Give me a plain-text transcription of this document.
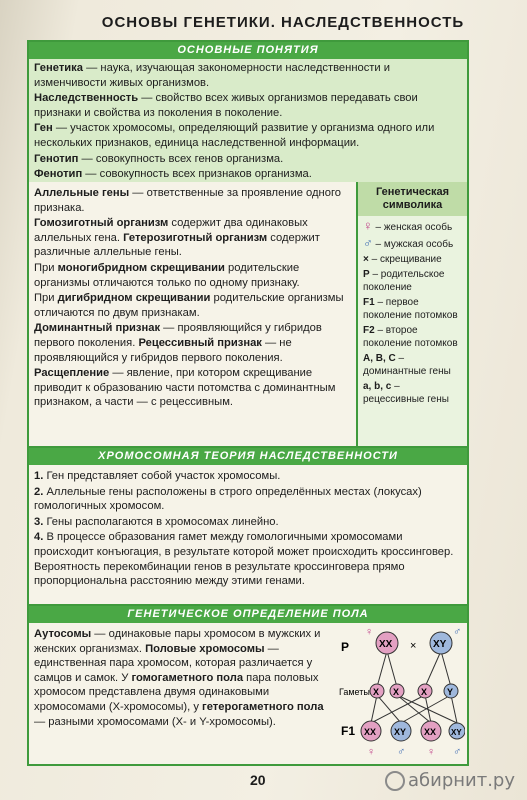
ОСНОВЫ ГЕНЕТИКИ. НАСЛЕДСТВЕННОСТЬ
ОСНОВНЫЕ ПОНЯТИЯ

Генетика — наука, изучающая закономерности наследственности и изменчивости живых организмов.

Наследственность — свойство всех живых организмов передавать свои признаки и свойства из поколения в поколение.

Ген — участок хромосомы, определяющий развитие у организма одного или нескольких признаков, единица наследственной информации.

Генотип — совокупность всех генов организма.

Фенотип — совокупность всех признаков организма.

Аллельные гены — ответственные за проявление одного признака.

Гомозиготный организм содержит два одинаковых аллельных гена. Гетерозиготный организм содержит различные аллельные гены.

При моногибридном скрещивании родительские организмы отличаются только по одному признаку.

При дигибридном скрещивании родительские организмы отличаются по двум признакам.

Доминантный признак — проявляющийся у гибридов первого поколения. Рецессивный признак — не проявляющийся у гибридов первого поколения.

Расщепление — явление, при котором скрещивание приводит к образованию части потомства с доминантным признаком, а части — с рецессивным.

Генетическая символика
♀ – женская особь
♂ – мужская особь
× – скрещивание
P – родительское поколение
F1 – первое поколение потомков
F2 – второе поколение потомков
A, B, C – доминантные гены
a, b, c – рецессивные гены
ХРОМОСОМНАЯ ТЕОРИЯ НАСЛЕДСТВЕННОСТИ

1. Ген представляет собой участок хромосомы.

2. Аллельные гены расположены в строго определённых местах (локусах) гомологичных хромосом.

3. Гены располагаются в хромосомах линейно.

4. В процессе образования гамет между гомологичными хромосомами происходит конъюгация, в результате которой может происходить кроссинговер. Вероятность перекомбинации генов в результате кроссинговера прямо пропорциональна расстоянию между этими генами.

ГЕНЕТИЧЕСКОЕ ОПРЕДЕЛЕНИЕ ПОЛА

Аутосомы — одинаковые пары хромосом в мужских и женских организмах. Половые хромосомы — единственная пара хромосом, которая различается у самцов и самок. У гомогаметного пола пара половых хромосом представлена двумя одинаковыми хромосомами (X-хромосомы), у гетерогаметного пола — разными хромосомами (X- и Y-хромосомы).

P
♀	♂
×
XX	XY
Гаметы X X X Y
F1 XX XY XX XY
♀ ♂ ♀ ♂
20	абирнит.ру
